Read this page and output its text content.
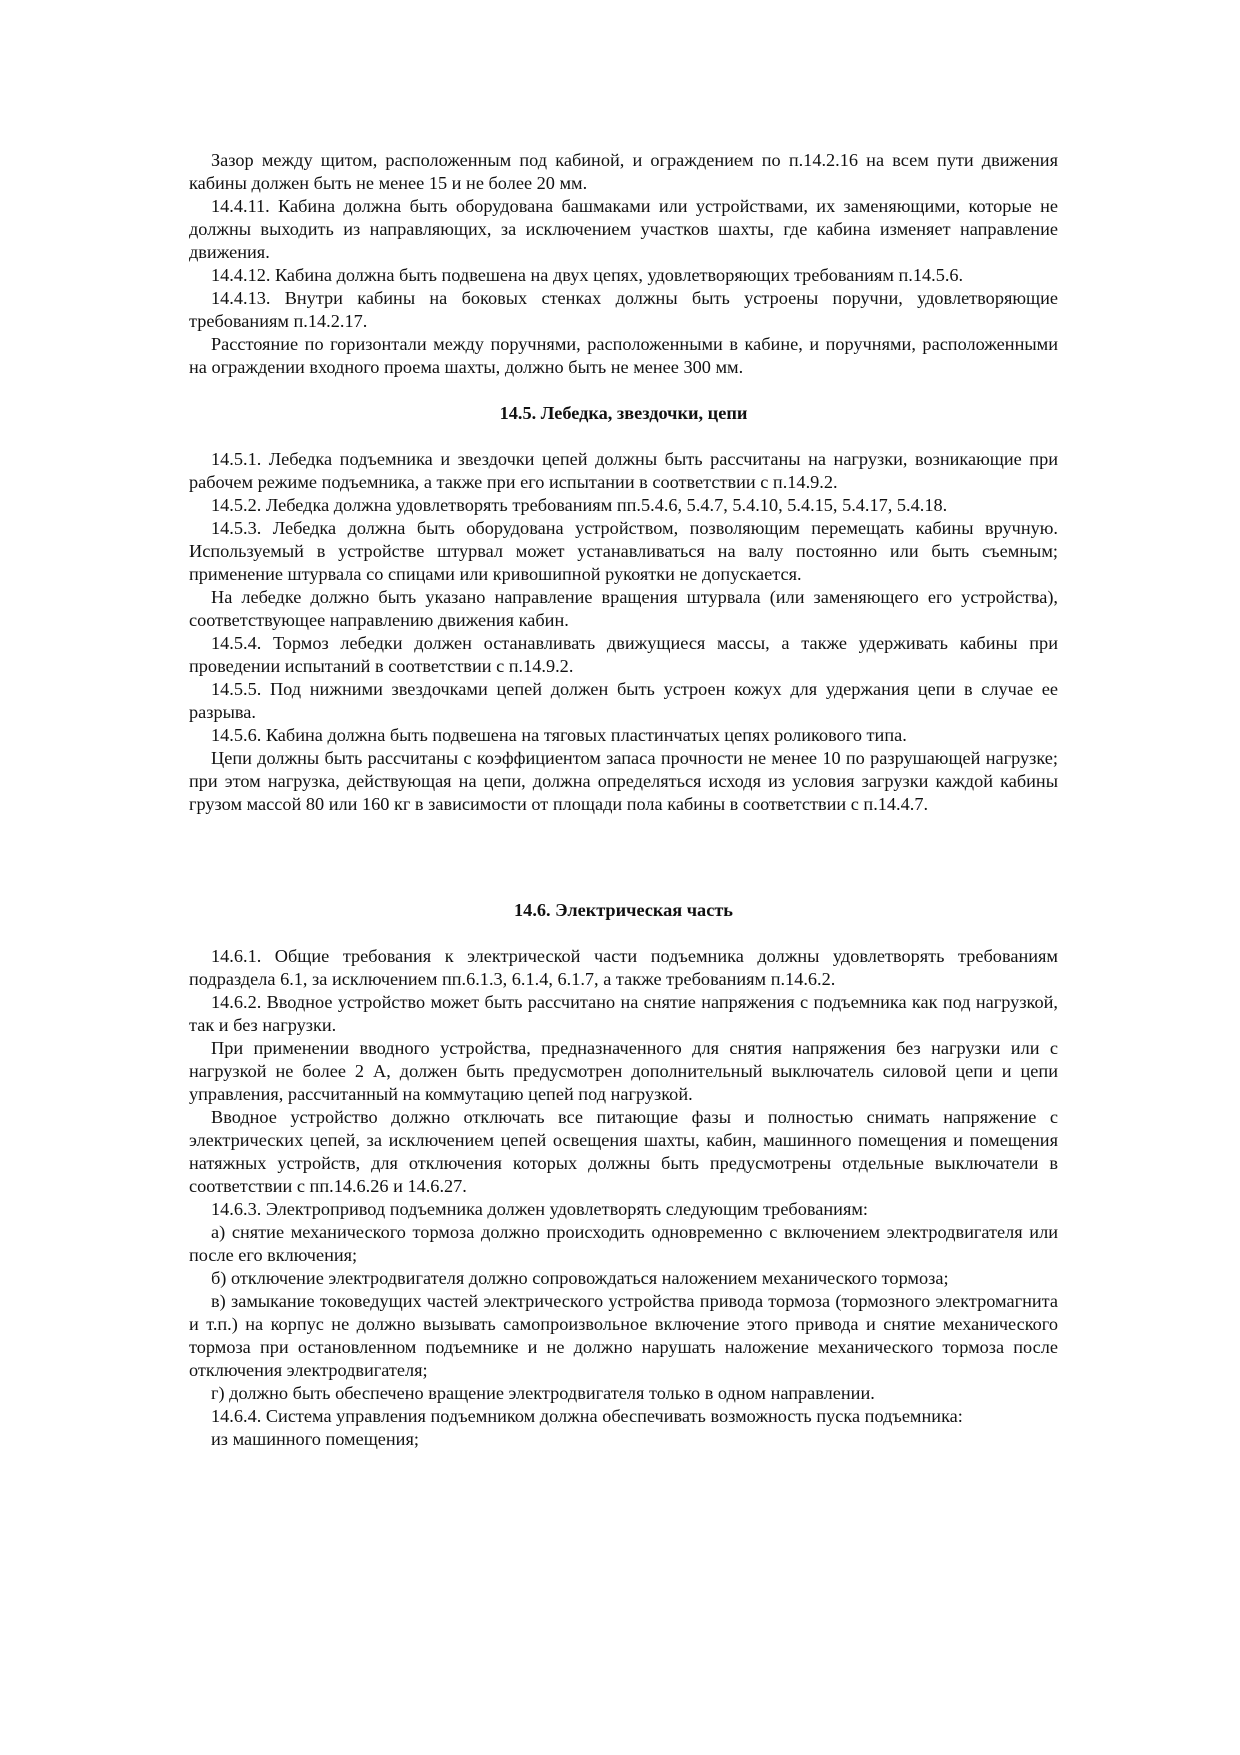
Зазор между щитом, расположенным под кабиной, и ограждением по п.14.2.16 на всем пути движения кабины должен быть не менее 15 и не более 20 мм.

14.4.11. Кабина должна быть оборудована башмаками или устройствами, их заменяющими, которые не должны выходить из направляющих, за исключением участков шахты, где кабина изменяет направление движения.

14.4.12. Кабина должна быть подвешена на двух цепях, удовлетворяющих требованиям п.14.5.6.

14.4.13. Внутри кабины на боковых стенках должны быть устроены поручни, удовлетворяющие требованиям п.14.2.17.

Расстояние по горизонтали между поручнями, расположенными в кабине, и поручнями, расположенными на ограждении входного проема шахты, должно быть не менее 300 мм.

14.5. Лебедка, звездочки, цепи

14.5.1. Лебедка подъемника и звездочки цепей должны быть рассчитаны на нагрузки, возникающие при рабочем режиме подъемника, а также при его испытании в соответствии с п.14.9.2.

14.5.2. Лебедка должна удовлетворять требованиям пп.5.4.6, 5.4.7, 5.4.10, 5.4.15, 5.4.17, 5.4.18.

14.5.3. Лебедка должна быть оборудована устройством, позволяющим перемещать кабины вручную. Используемый в устройстве штурвал может устанавливаться на валу постоянно или быть съемным; применение штурвала со спицами или кривошипной рукоятки не допускается.

На лебедке должно быть указано направление вращения штурвала (или заменяющего его устройства), соответствующее направлению движения кабин.

14.5.4. Тормоз лебедки должен останавливать движущиеся массы, а также удерживать кабины при проведении испытаний в соответствии с п.14.9.2.

14.5.5. Под нижними звездочками цепей должен быть устроен кожух для удержания цепи в случае ее разрыва.

14.5.6. Кабина должна быть подвешена на тяговых пластинчатых цепях роликового типа.

Цепи должны быть рассчитаны с коэффициентом запаса прочности не менее 10 по разрушающей нагрузке; при этом нагрузка, действующая на цепи, должна определяться исходя из условия загрузки каждой кабины грузом массой 80 или 160 кг в зависимости от площади пола кабины в соответствии с п.14.4.7.

14.6. Электрическая часть

14.6.1. Общие требования к электрической части подъемника должны удовлетворять требованиям подраздела 6.1, за исключением пп.6.1.3, 6.1.4, 6.1.7, а также требованиям п.14.6.2.

14.6.2. Вводное устройство может быть рассчитано на снятие напряжения с подъемника как под нагрузкой, так и без нагрузки.

При применении вводного устройства, предназначенного для снятия напряжения без нагрузки или с нагрузкой не более 2 А, должен быть предусмотрен дополнительный выключатель силовой цепи и цепи управления, рассчитанный на коммутацию цепей под нагрузкой.

Вводное устройство должно отключать все питающие фазы и полностью снимать напряжение с электрических цепей, за исключением цепей освещения шахты, кабин, машинного помещения и помещения натяжных устройств, для отключения которых должны быть предусмотрены отдельные выключатели в соответствии с пп.14.6.26 и 14.6.27.

14.6.3. Электропривод подъемника должен удовлетворять следующим требованиям:

а) снятие механического тормоза должно происходить одновременно с включением электродвигателя или после его включения;

б) отключение электродвигателя должно сопровождаться наложением механического тормоза;

в) замыкание токоведущих частей электрического устройства привода тормоза (тормозного электромагнита и т.п.) на корпус не должно вызывать самопроизвольное включение этого привода и снятие механического тормоза при остановленном подъемнике и не должно нарушать наложение механического тормоза после отключения электродвигателя;

г) должно быть обеспечено вращение электродвигателя только в одном направлении.

14.6.4. Система управления подъемником должна обеспечивать возможность пуска подъемника:

из машинного помещения;
